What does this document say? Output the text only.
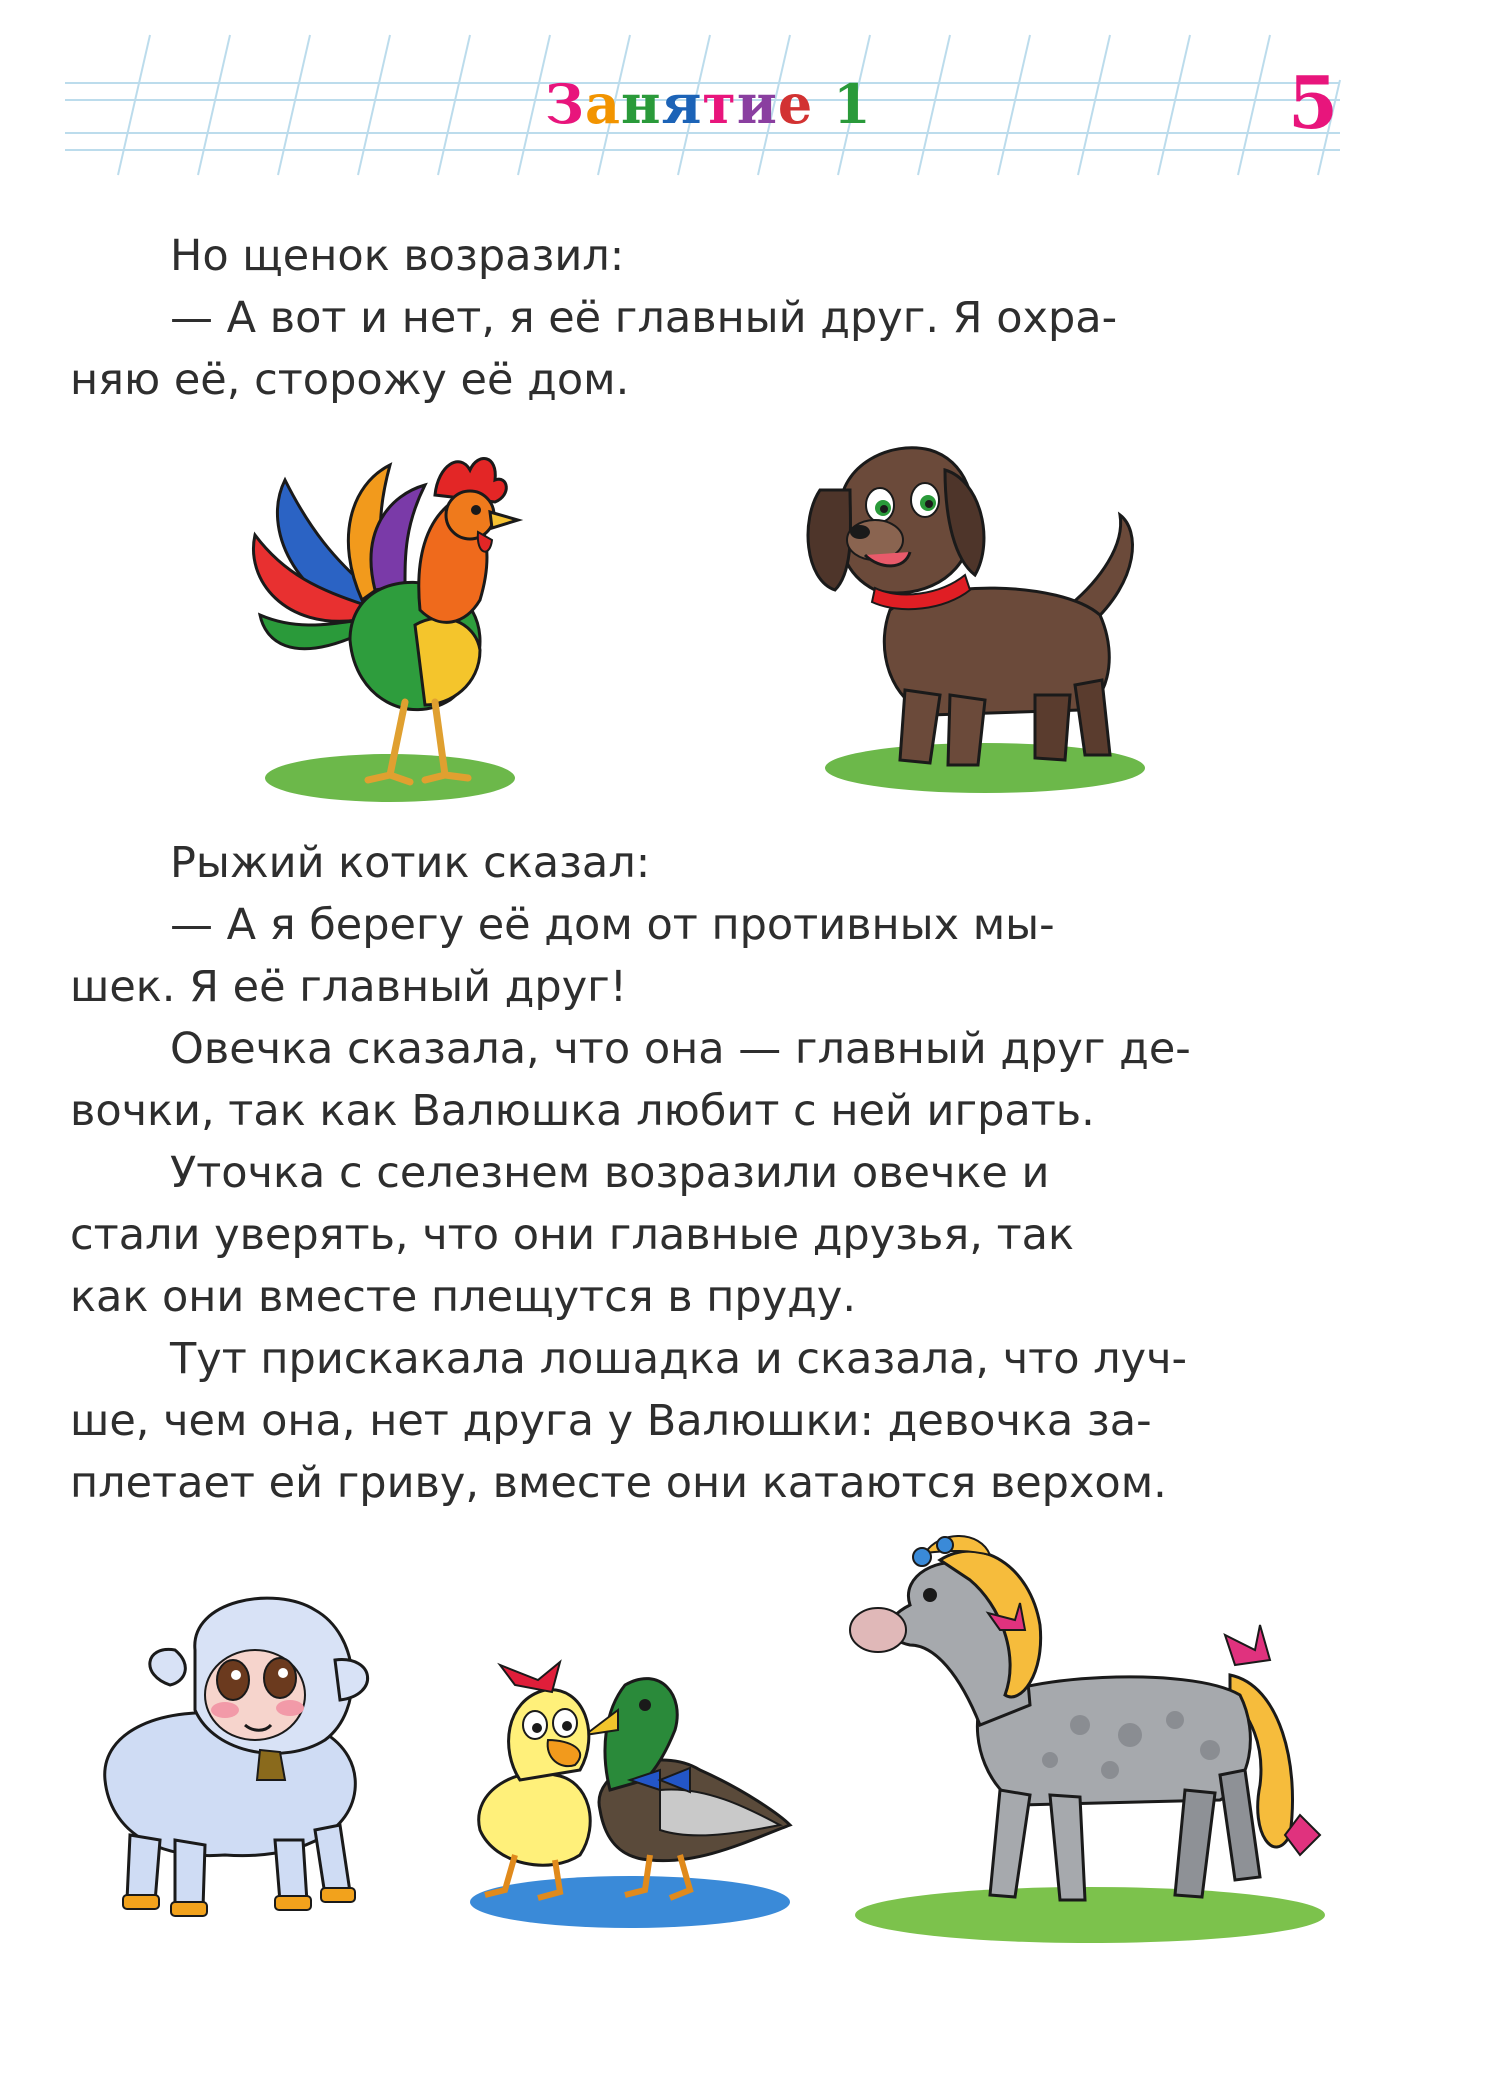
Занятие 1	5

Но щенок возразил:

— А вот и нет, я её главный друг. Я охра-

няю её, сторожу её дом.

Рыжий котик сказал:

— А я берегу её дом от противных мы-

шек. Я её главный друг!

Овечка сказала, что она — главный друг де-

вочки, так как Валюшка любит с ней играть.

Уточка с селезнем возразили овечке и

стали уверять, что они главные друзья, так

как они вместе плещутся в пруду.

Тут прискакала лошадка и сказала, что луч-

ше, чем она, нет друга у Валюшки: девочка за-

плетает ей гриву, вместе они катаются верхом.
